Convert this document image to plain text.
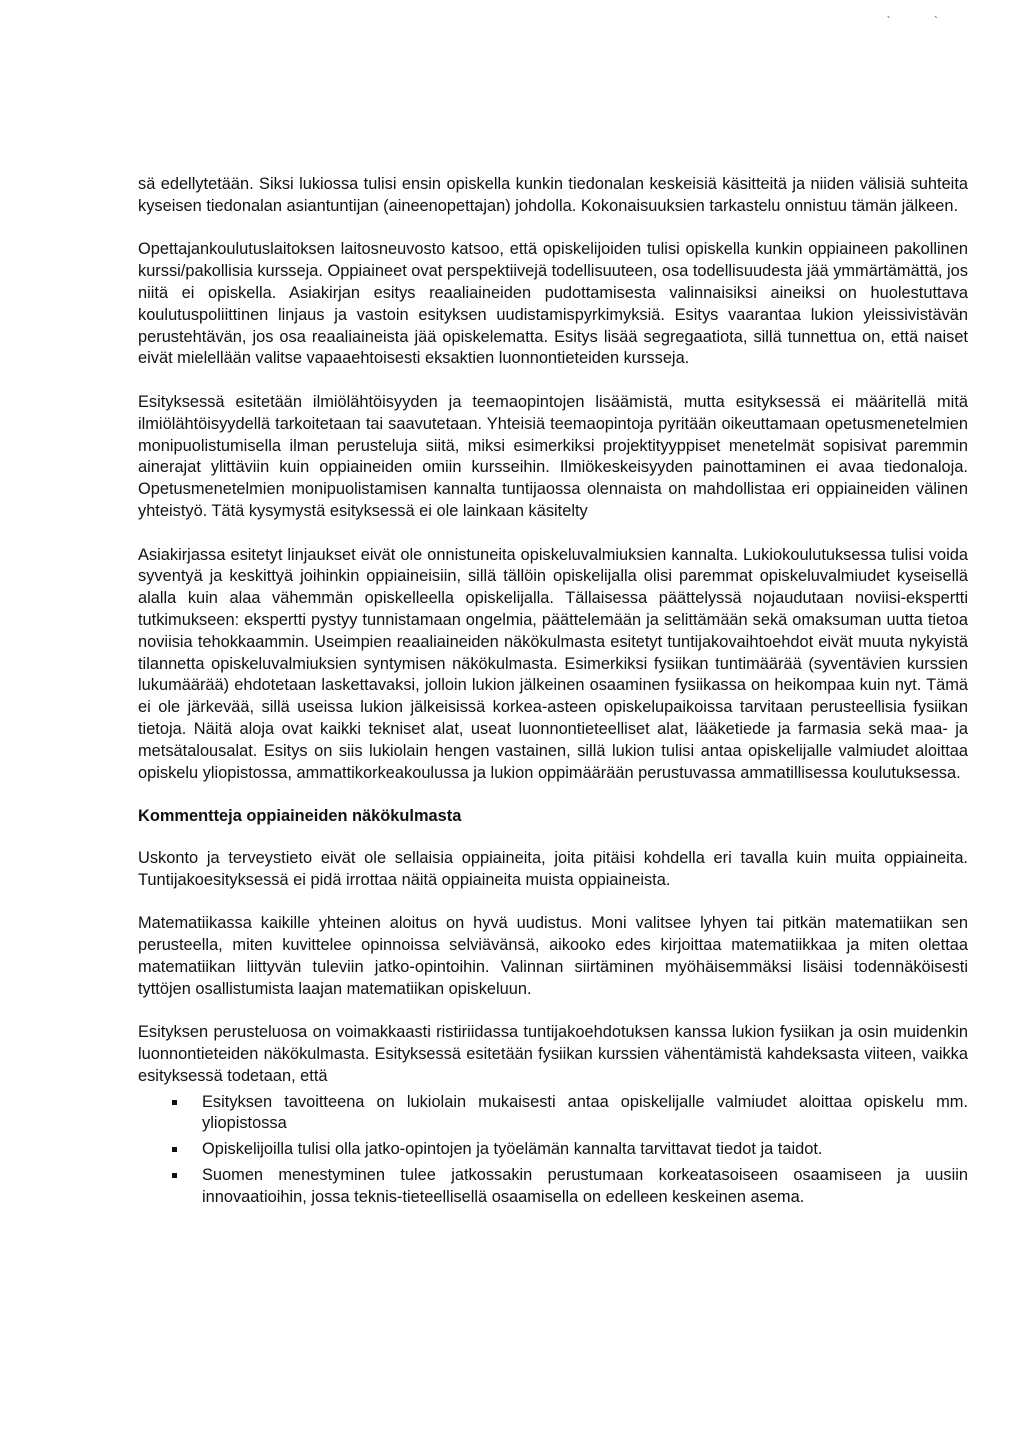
` `

sä edellytetään. Siksi lukiossa tulisi ensin opiskella kunkin tiedonalan keskeisiä käsitteitä ja niiden välisiä suhteita kyseisen tiedonalan asiantuntijan (aineenopettajan) johdolla. Kokonaisuuksien tarkastelu onnistuu tämän jälkeen.

Opettajankoulutuslaitoksen laitosneuvosto katsoo, että opiskelijoiden tulisi opiskella kunkin oppiaineen pakollinen kurssi/pakollisia kursseja. Oppiaineet ovat perspektiivejä todellisuuteen, osa todellisuudesta jää ymmärtämättä, jos niitä ei opiskella. Asiakirjan esitys reaaliaineiden pudottamisesta valinnaisiksi aineiksi on huolestuttava koulutuspoliittinen linjaus ja vastoin esityksen uudistamispyrkimyksiä. Esitys vaarantaa lukion yleissivistävän perustehtävän, jos osa reaaliaineista jää opiskelematta. Esitys lisää segregaatiota, sillä tunnettua on, että naiset eivät mielellään valitse vapaaehtoisesti eksaktien luonnontieteiden kursseja.

Esityksessä esitetään ilmiölähtöisyyden ja teemaopintojen lisäämistä, mutta esityksessä ei määritellä mitä ilmiölähtöisyydellä tarkoitetaan tai saavutetaan. Yhteisiä teemaopintoja pyritään oikeuttamaan opetusmenetelmien monipuolistumisella ilman perusteluja siitä, miksi esimerkiksi projektityyppiset menetelmät sopisivat paremmin ainerajat ylittäviin kuin oppiaineiden omiin kursseihin. Ilmiökeskeisyyden painottaminen ei avaa tiedonaloja. Opetusmenetelmien monipuolistamisen kannalta tuntijaossa olennaista on mahdollistaa eri oppiaineiden välinen yhteistyö. Tätä kysymystä esityksessä ei ole lainkaan käsitelty

Asiakirjassa esitetyt linjaukset eivät ole onnistuneita opiskeluvalmiuksien kannalta. Lukiokoulutuksessa tulisi voida syventyä ja keskittyä joihinkin oppiaineisiin, sillä tällöin opiskelijalla olisi paremmat opiskeluvalmiudet kyseisellä alalla kuin alaa vähemmän opiskelleella opiskelijalla. Tällaisessa päättelyssä nojaudutaan noviisi-ekspertti tutkimukseen: ekspertti pystyy tunnistamaan ongelmia, päättelemään ja selittämään sekä omaksuman uutta tietoa noviisia tehokkaammin. Useimpien reaaliaineiden näkökulmasta esitetyt tuntijakovaihtoehdot eivät muuta nykyistä tilannetta opiskeluvalmiuksien syntymisen näkökulmasta. Esimerkiksi fysiikan tuntimäärää (syventävien kurssien lukumäärää) ehdotetaan laskettavaksi, jolloin lukion jälkeinen osaaminen fysiikassa on heikompaa kuin nyt. Tämä ei ole järkevää, sillä useissa lukion jälkeisissä korkea-asteen opiskelupaikoissa tarvitaan perusteellisia fysiikan tietoja. Näitä aloja ovat kaikki tekniset alat, useat luonnontieteelliset alat, lääketiede ja farmasia sekä maa- ja metsätalousalat. Esitys on siis lukiolain hengen vastainen, sillä lukion tulisi antaa opiskelijalle valmiudet aloittaa opiskelu yliopistossa, ammattikorkeakoulussa ja lukion oppimäärään perustuvassa ammatillisessa koulutuksessa.

Kommentteja oppiaineiden näkökulmasta

Uskonto ja terveystieto eivät ole sellaisia oppiaineita, joita pitäisi kohdella eri tavalla kuin muita oppiaineita. Tuntijakoesityksessä ei pidä irrottaa näitä oppiaineita muista oppiaineista.

Matematiikassa kaikille yhteinen aloitus on hyvä uudistus. Moni valitsee lyhyen tai pitkän matematiikan sen perusteella, miten kuvittelee opinnoissa selviävänsä, aikooko edes kirjoittaa matematiikkaa ja miten olettaa matematiikan liittyvän tuleviin jatko-opintoihin. Valinnan siirtäminen myöhäisemmäksi lisäisi todennäköisesti tyttöjen osallistumista laajan matematiikan opiskeluun.

Esityksen perusteluosa on voimakkaasti ristiriidassa tuntijakoehdotuksen kanssa lukion fysiikan ja osin muidenkin luonnontieteiden näkökulmasta. Esityksessä esitetään fysiikan kurssien vähentämistä kahdeksasta viiteen, vaikka esityksessä todetaan, että

Esityksen tavoitteena on lukiolain mukaisesti antaa opiskelijalle valmiudet aloittaa opiskelu mm. yliopistossa
Opiskelijoilla tulisi olla jatko-opintojen ja työelämän kannalta tarvittavat tiedot ja taidot.
Suomen menestyminen tulee jatkossakin perustumaan korkeatasoiseen osaamiseen ja uusiin innovaatioihin, jossa teknis-tieteellisellä osaamisella on edelleen keskeinen asema.
